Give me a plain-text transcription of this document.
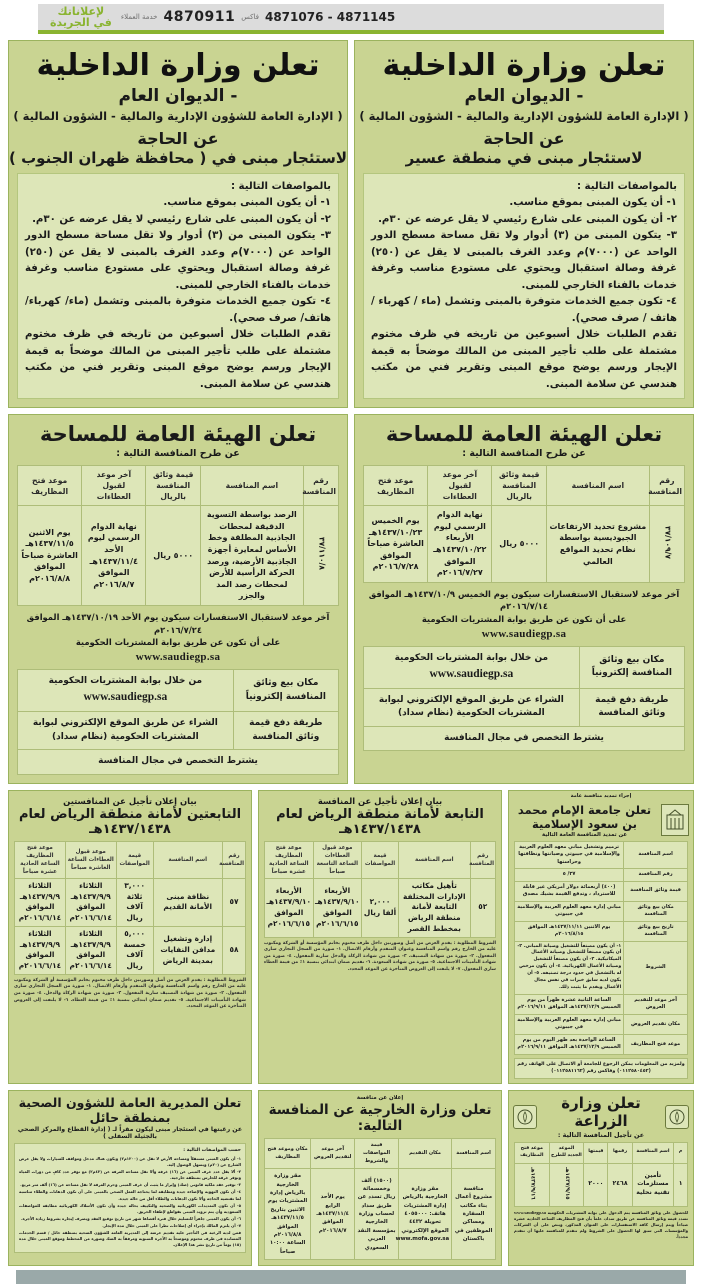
4871145 - 4871076
فاكس
4870911
خدمة العملاء
لإعلاناتك
في الجريدة
تعلن وزارة الداخلية
- الديوان العام
( الإدارة العامة للشؤون الإدارية والمالية - الشؤون المالية )
عن الحاجة
لاستئجار مبنى في منطقة عسير

بالمواصفات التالية :

١- أن يكون المبنى بموقع مناسب.

٢- أن يكون المبنى على شارع رئيسي لا يقل عرضه عن ٣٠م.

٣- يتكون المبنى من (٣) أدوار ولا تقل مساحة مسطح الدور الواحد عن (٧٠٠٠)م وعدد الغرف بالمبنى لا يقل عن (٢٥٠) غرفة وصالة استقبال ويحتوي على مستودع مناسب وغرفة خدمات بالفناء الخارجي للمبنى.

٤- تكون جميع الخدمات متوفرة بالمبنى وتشمل (ماء / كهرباء / هاتف / صرف صحي).

تقدم الطلبات خلال أسبوعين من تاريخه في ظرف مختوم مشتملة على طلب تأجير المبنى من المالك موضحاً به قيمة الإيجار ورسم يوضح موقع المبنى وتقرير فني من مكتب هندسي عن سلامة المبنى.

تعلن وزارة الداخلية
- الديوان العام
( الإدارة العامة للشؤون الإدارية والمالية - الشؤون المالية )
عن الحاجة
لاستئجار مبنى في ( محافظة ظهران الجنوب )

بالمواصفات التالية :

١- أن يكون المبنى بموقع مناسب.

٢- أن يكون المبنى على شارع رئيسي لا يقل عرضه عن ٣٠م.

٣- يتكون المبنى من (٣) أدوار ولا تقل مساحة مسطح الدور الواحد عن (٧٠٠٠)م وعدد الغرف بالمبنى لا يقل عن (٢٥٠) غرفة وصالة استقبال ويحتوي على مستودع مناسب وغرفة خدمات بالفناء الخارجي للمبنى.

٤- تكون جميع الخدمات متوفرة بالمبنى وتشمل (ماء/ كهرباء/ هاتف/ صرف صحي).

تقدم الطلبات خلال أسبوعين من تاريخه في ظرف مختوم مشتملة على طلب تأجير المبنى من المالك موضحاً به قيمة الإيجار ورسم يوضح موقع المبنى وتقرير فني من مكتب هندسي عن سلامة المبنى.

تعلن الهيئة العامة للمساحة
عن طرح المنافسة التالية :
رقم المنافسة	اسم المنافسة	قيمة وثائق المنافسة بالريال	آخر موعد لقبول العطاءات	موعد فتح المظاريف
٣٧/١٠٩/٧	مشروع تحديد الارتفاعات الجيوديسية بواسطة نظام تحديد المواقع العالمي	٥٠٠٠ ريال	نهاية الدوام الرسمي ليوم الأربعاء ١٤٣٧/١٠/٢٢هـ الموافق ٢٠١٦/٧/٢٧م	يوم الخميس ١٤٣٧/١٠/٢٣هـ العاشرة صباحاً الموافق ٢٠١٦/٧/٢٨م
آخر موعد لاستقبال الاستفسارات سيكون يوم الخميس ١٤٣٧/١٠/٩هـ الموافق ٢٠١٦/٧/١٤م
على أن تكون عن طريق بوابة المشتريات الحكومية
www.saudiegp.sa
مكان بيع وثائق المنافسة إلكترونياً	من خلال بوابة المشتريات الحكومية
www.saudiegp.sa

طريقة دفع قيمة وثائق المنافسة	الشراء عن طريق الموقع الإلكتروني لبوابة المشتريات الحكومية (نظام سداد)
يشترط التخصص في مجال المنافسة	
تعلن الهيئة العامة للمساحة
عن طرح المنافسة التالية :
رقم المنافسة	اسم المنافسة	قيمة وثائق المنافسة بالريال	آخر موعد لقبول العطاءات	موعد فتح المظاريف
٣٧/١١٠/٨	الرصد بواسطة التسوية الدقيقة لمحطات الجاذبية المطلقة وخط الأساس لمعايرة أجهزة الجاذبية الأرضية، ورصد الحركة الرأسية للأرض لمحطات رصد المد والجزر	٥٠٠٠ ريال	نهاية الدوام الرسمي ليوم الأحد ١٤٣٧/١١/٤هـ الموافق ٢٠١٦/٨/٧م	يوم الاثنين ١٤٣٧/١١/٥هـ العاشرة صباحاً الموافق ٢٠١٦/٨/٨م
آخر موعد لاستقبال الاستفسارات سيكون يوم الأحد ١٤٣٧/١٠/١٩هـ الموافق ٢٠١٦/٧/٢٤م
على أن تكون عن طريق بوابة المشتريات الحكومية
www.saudiegp.sa
مكان بيع وثائق المنافسة إلكترونياً	من خلال بوابة المشتريات الحكومية
www.saudiegp.sa

طريقة دفع قيمة وثائق المنافسة	الشراء عن طريق الموقع الإلكتروني لبوابة المشتريات الحكومية (نظام سداد)
يشترط التخصص في مجال المنافسة	
إجراء تمديد منافسة عامة
تعلن جامعة الإمام محمد بن سعود الإسلامية
عن تمديد المنافسة العامة التالية
اسم المنافسة	ترميم وتشغيل مباني معهد العلوم العربية والإسلامية في جيبوتي وصيانتها ونظافتها وحراستها
رقم المنافسة	٣٧/ ٥
قيمة وثائق المنافسة	(٤٠٠) أربعمائة دولار أمريكي غير قابلة للاسترداد ، وتدفع القيمة بشيك مصدق
مكان بيع وثائق المنافسة	مباني إدارة معهد العلوم العربية والإسلامية في جيبوتي
تاريخ بيع وثائق المنافسة	يوم الاثنين ١٤٣٧/١١/١١هـ الموافق ٢٠١٦/٨/١٥م
الشروط	١- أن يكون مصنفاً للتشغيل وصيانة المباني. ٢- أن يكون مصنفاً للتشغيل وصيانة الأعمال الميكانيكية. ٣- أن يكون مصنفاً للتشغيل وصيانة الأعمال الكهربائية. ٤- أن يكون مرخص له بالتشغيل في حدود درجة تصنيفه. ٥- أن يكون لديه سابق خبرات في نفس مجال الأعمال ويقدم ما يثبت ذلك.
آخر موعد للتقديم العروض	الساعة الثانية عشرة ظهراً من يوم الخميس ١٤٣٧/١٢/٩هـ الموافق ٢٠١٦/٩/١١م
مكان تقديم العروض	مباني إدارة معهد العلوم العربية والإسلامية في جيبوتي
موعد فتح المظاريف	الساعة الواحدة بعد ظهر اليوم من يوم الخميس ١٤٣٧/١٢/٩هـ الموافق ٢٠١٦/٩/١١م
ولمزيد من المعلومات يمكن الرجوع للجامعة أو الاتصال على الهاتف رقم (٠١١٢٥٨٠٤٥٢) وفاكس رقم (٠١١٢٥٨١١٦٢)
بيان إعلان تأجيل عن المنافسة
التابعة لأمانة منطقة الرياض لعام ١٤٣٧/١٤٣٨هـ
رقم المنافسة	اسم المنافسة	قيمة المواصفات	موعد قبول العطاءات الساعة التاسعة صباحاً	موعد فتح المظاريف الساعة الحادية عشرة صباحاً
٥٢	تأهيل مكاتب الإدارات المختلفة التابعة لأمانة منطقة الرياض بمخطط القصر	٢,٠٠٠ ألفا ريال	الأربعاء ١٤٣٧/٩/١٠هـ الموافق ٢٠١٦/٦/١٥م	الأربعاء ١٤٣٧/٩/١٠هـ الموافق ٢٠١٦/٦/١٥م

الشروط المطلوبة : يقدم العرض من أصل وصورتين داخل ظرف مختوم بخاتم المؤسسة أو الشركة ومكتوب عليه من الخارج رقم واسم المنافسة وعنوان المتقدم وأرقام الاتصال. ١- صورة من السجل التجاري ساري المفعول. ٢- صورة من شهادة التصنيف. ٣- صورة من شهادة الزكاة والدخل سارية المفعول. ٤- صورة من شهادة التأمينات الاجتماعية. ٥- صورة من شهادة السعودة. ٦- تقديم ضمان ابتدائي بنسبة ١٪ من قيمة العطاء ساري المفعول. ٧- لا يلتفت إلى العروض المتأخرة عن الموعد المحدد.

بيان إعلان تأجيل عن المنافستين
التابعتين لأمانة منطقة الرياض لعام ١٤٣٧/١٤٣٨هـ
رقم المنافسة	اسم المنافسة	قيمة المواصفات	موعد قبول العطاءات الساعة العاشرة صباحاً	موعد فتح المظاريف الساعة الحادية عشرة صباحاً
٥٧	نظافة مبنى الأمانة القديم	٣,٠٠٠ ثلاثة آلاف ريال	الثلاثاء ١٤٣٧/٩/٩هـ الموافق ٢٠١٦/٦/١٤م	الثلاثاء ١٤٣٧/٩/٩هـ الموافق ٢٠١٦/٦/١٤م
٥٨	إدارة وتشغيل مدافن النفايات بمدينة الرياض	٥,٠٠٠ خمسة آلاف ريال	الثلاثاء ١٤٣٧/٩/٩هـ الموافق ٢٠١٦/٦/١٤م	الثلاثاء ١٤٣٧/٩/٩هـ الموافق ٢٠١٦/٦/١٤م

الشروط المطلوبة : يقدم العرض من أصل وصورتين داخل ظرف مختوم بخاتم المؤسسة أو الشركة ومكتوب عليه من الخارج رقم واسم المنافسة وعنوان المتقدم وأرقام الاتصال. ١- صورة من السجل التجاري ساري المفعول. ٢- صورة من شهادة التصنيف سارية المفعول. ٣- صورة من شهادة الزكاة والدخل. ٤- صورة من شهادة التأمينات الاجتماعية. ٥- تقديم ضمان ابتدائي بنسبة ١٪ من قيمة العطاء. ٦- لا يلتفت إلى العروض المتأخرة عن الموعد المحدد.

تعلن وزارة الزراعة
عن تأجيل المنافسة التالية :
م	اسم المنافسة	رقمها	قيمتها	الموعد الجديد للطرح	موعد فتح المظاريف
١	تأمين مستلزمات تقنية نحلية	٢٤٦٨	٢٠٠٠	١٤٣٧/٩/١٥هـ	١٤٣٧/٩/١٦هـ
للحصول على وثائق المنافسة يتم الدخول على بوابة المشتريات الحكومية www.saudiegp.sa تسدد قيمة وثائق المنافسة عن طريق سداد، علماً بأن فتح المظاريف الساعة الحادية عشرة صباحاً ويتم إرسال كافة الاستفسارات على العنوان المذكور، وينص على أن الشركات والمؤسسات التي سبق لها الحصول على الشروط ولم تتقدم للمنافسة عليها أن تتقدم مجدداً.
إعلان عن منافسة
تعلن وزارة الخارجية عن المنافسة التالية:
اسم المنافسة	مكان التقديم	قيمة المواصفات والشروط	آخر موعد لتقديم العروض	مكان وموعد فتح المظاريف
منافسة مشروع أعمال بناء مكاتب السفارة ومساكن الموظفين في باكستان	مقر وزارة الخارجية بالرياض إدارة المشتريات هاتف: ٤٠٥٥٠٠٠ تحويلة ٤٤٣٢ الموقع الإلكتروني www.mofa.gov.sa	(١٥٠٠) ألف وخمسمائة ريال تسدد عن طريق سداد لحساب وزارة الخارجية بمؤسسة النقد العربي السعودي	يوم الأحد الرابع ١٤٣٧/١١/٤هـ الموافق ٢٠١٦/٨/٧م	مقر وزارة الخارجية بالرياض إدارة المشتريات يوم الاثنين بتاريخ ١٤٣٧/١١/٥هـ الموافق ٢٠١٦/٨/٨م الساعة ١٠:٠٠ صباحاً
تعلن المديرية العامة للشؤون الصحية بمنطقة حائل
عن رغبتها في استئجار مبنى ليكون مقراً لـ ( إدارة القطاع والمركز الصحي بالجثيلة السفلى )

حسب المواصفات التالية :

١- أن يكون المبنى مستقلاً ومساحة الأرض لا تقل عن (١٢٠٠م٢) ويكون هناك مدخل ومواقف للسيارات ولا يقل عرض الشارع عن (٢٠م) ويسهل الوصول إليه.

٢- ألا يقل عدد غرف المبنى عن (١٦) غرفة وألا تقل مساحة الغرفة عن (٤٢م٢) مع توفر عدد كافٍ من دورات المياه وتوفر غرفة للحارس بمنطقة خارجية.

٣- توفير عقد ملكية قانوني (صك) وإبراز ما يثبت أن غرف المبنى وحرم الغرفة لا تقل مساحة عن (١٦) ألف متر مربع.

٤- أن تكون التهوية والإضاءة جيدة ومطابقة لما يحتاجه العمل الصحي بالمبنى على أن تكون الدهانات والطلاء مناسبة لما تقتضيه الحاجة وألا تكون الدهانات والطلاء أقل من حالة جيدة.

٥- أن تكون التمديدات الكهربائية والصحية والتكييف بحالة جيدة وأن تكون الأسلاك الكهربائية مطابقة للمواصفات السعودية وأن يتم تزويد المبنى بقواطع لإطفاء الحريق.

٦- أن يكون المبنى جاهزاً للتسليم خلال فترة أقصاها شهر من تاريخ توقيع العقد ويصرف إيجاره بشروط زيادة الأجرة.

٧- أن يلتزم المالك بإجراء أي إصلاحات تطرأ على المبنى خلال مدة الإيجار.

فمن لديه الرغبة في التأجير عليه تقديم عرضه إلى المديرية العامة للشؤون الصحية بمنطقة حائل / قسم الخدمات المساندة في ظرف مختوم وموضحاً به الأجرة السنوية ومرفقاً به الصك وصورة من المخطط وموقع المبنى خلال مدة (١٥) يوماً من تاريخ نشر هذا الإعلان.
